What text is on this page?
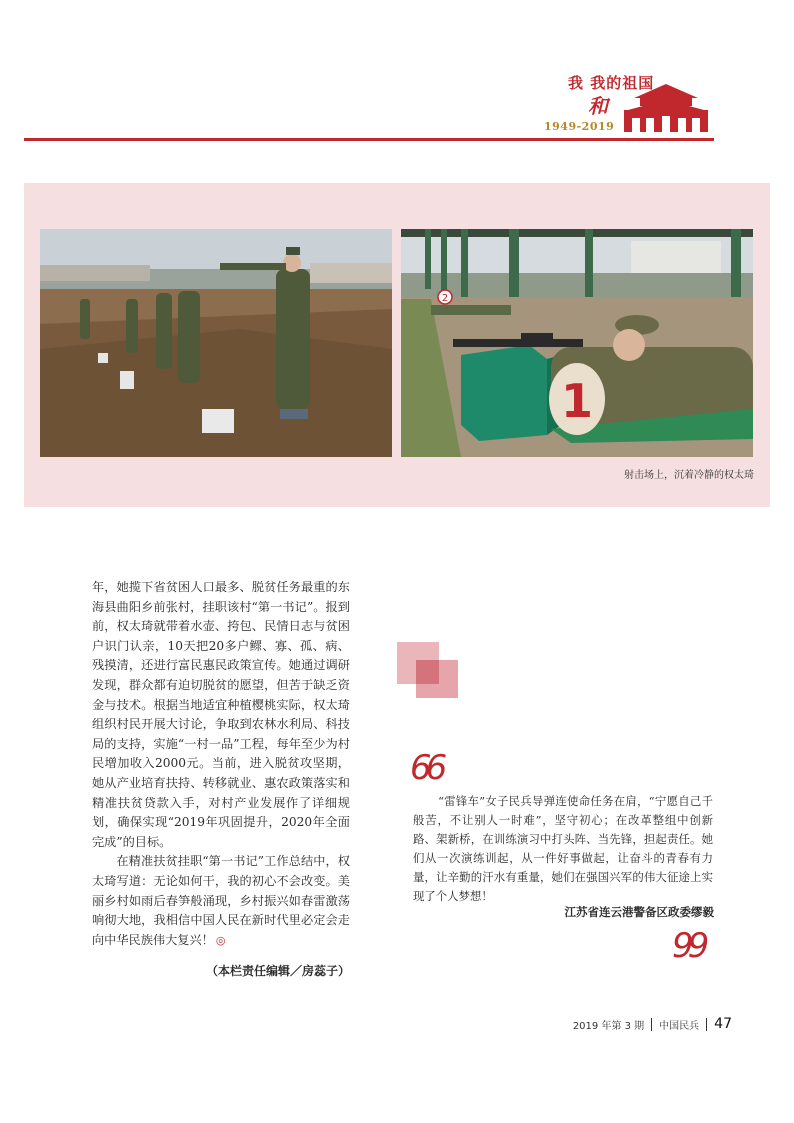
我 我的祖国
和
1949-2019
2
1
射击场上，沉着冷静的权太琦

年，她揽下省贫困人口最多、脱贫任务最重的东海县曲阳乡前张村，挂职该村“第一书记”。报到前，权太琦就带着水壶、挎包、民情日志与贫困户识门认亲，10天把20多户鳏、寡、孤、病、残摸清，还进行富民惠民政策宣传。她通过调研发现，群众都有迫切脱贫的愿望，但苦于缺乏资金与技术。根据当地适宜种植樱桃实际，权太琦组织村民开展大讨论，争取到农林水利局、科技局的支持，实施“一村一品”工程，每年至少为村民增加收入2000元。当前，进入脱贫攻坚期，她从产业培育扶持、转移就业、惠农政策落实和精准扶贫贷款入手，对村产业发展作了详细规划，确保实现“2019年巩固提升，2020年全面完成”的目标。

在精准扶贫挂职“第一书记”工作总结中，权太琦写道：无论如何干，我的初心不会改变。美丽乡村如雨后春笋般涌现，乡村振兴如春雷激荡响彻大地，我相信中国人民在新时代里必定会走向中华民族伟大复兴！ ◎

（本栏责任编辑／房蕊子）
66
“雷锋车”女子民兵导弹连使命任务在肩，“宁愿自己千般苦，不让别人一时难”，坚守初心；在改革整组中创新路、架新桥，在训练演习中打头阵、当先锋，担起责任。她们从一次演练训起，从一件好事做起，让奋斗的青春有力量，让辛勤的汗水有重量，她们在强国兴军的伟大征途上实现了个人梦想！
江苏省连云港警备区政委缪毅
99
2019 年第 3 期 中国民兵 47
